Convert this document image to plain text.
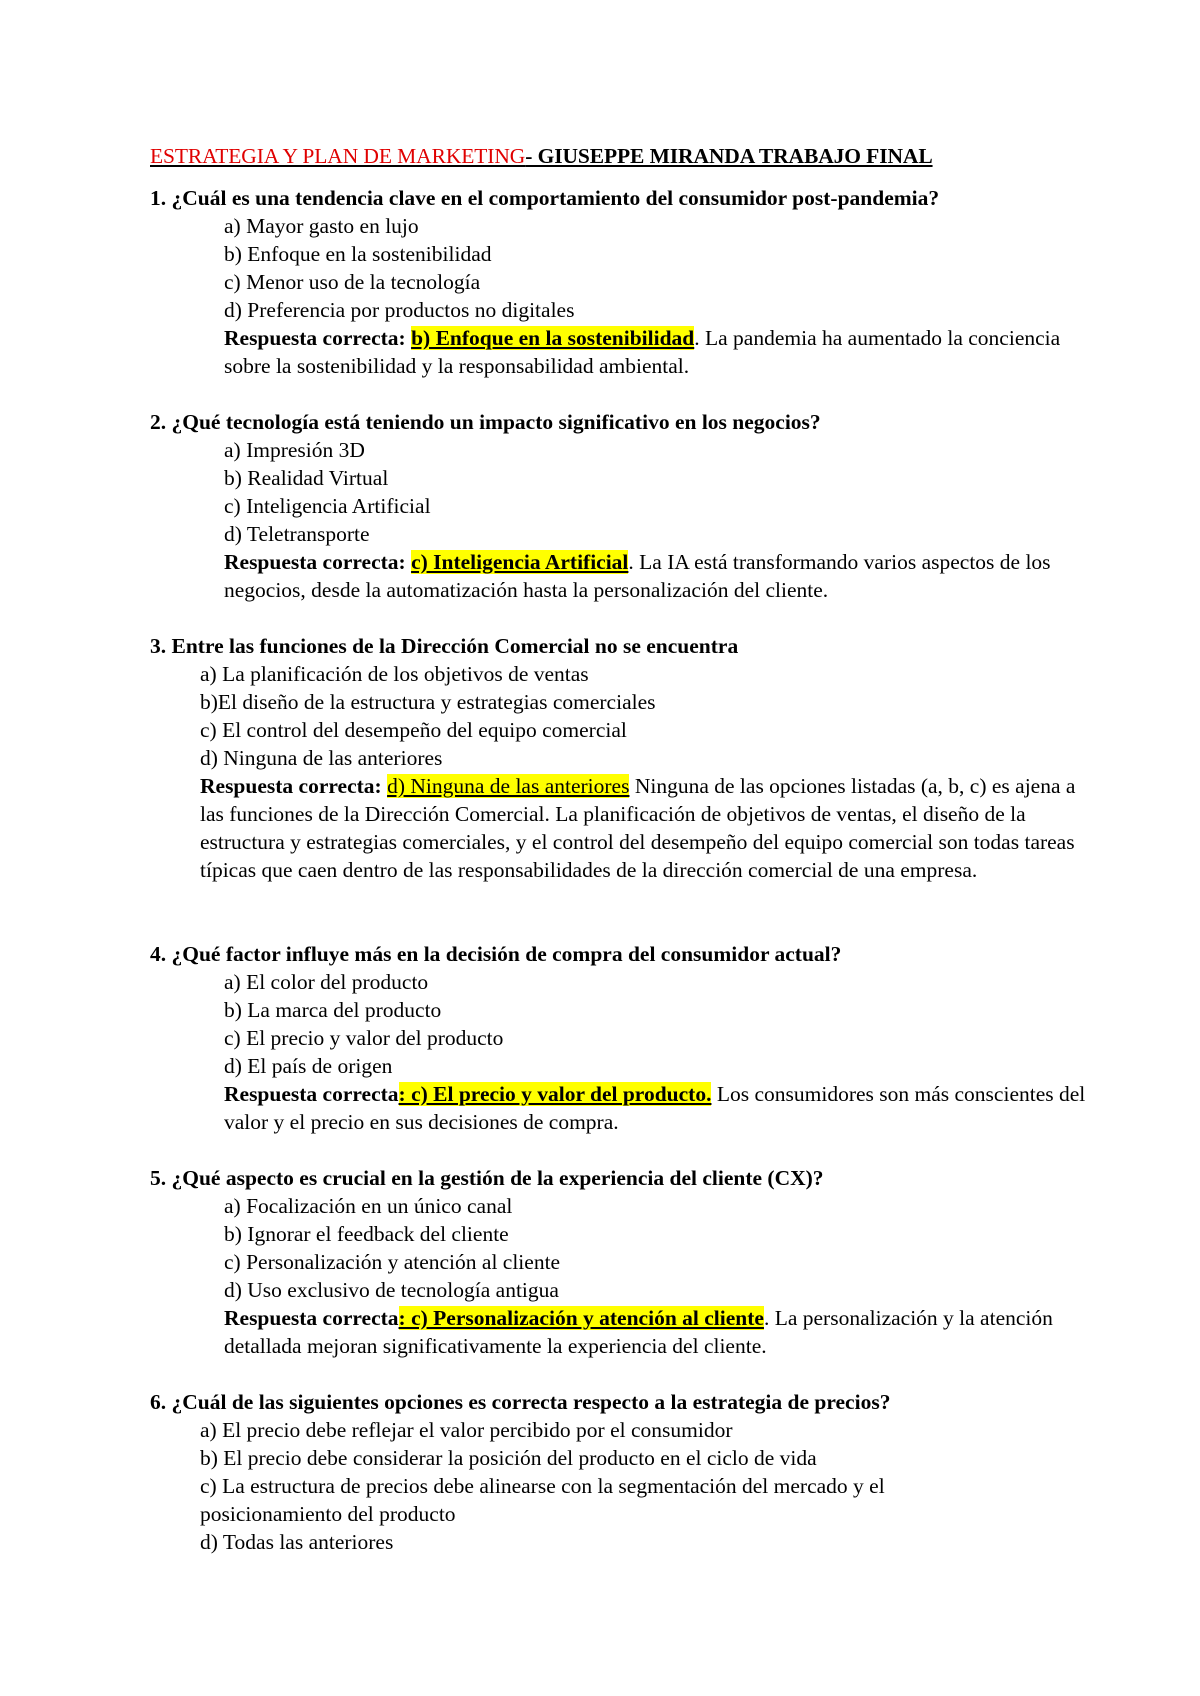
ESTRATEGIA Y PLAN DE MARKETING- GIUSEPPE MIRANDA TRABAJO FINAL
1. ¿Cuál es una tendencia clave en el comportamiento del consumidor post-pandemia?
a) Mayor gasto en lujo
b) Enfoque en la sostenibilidad
c) Menor uso de la tecnología
d) Preferencia por productos no digitales
Respuesta correcta: b) Enfoque en la sostenibilidad. La pandemia ha aumentado la conciencia sobre la sostenibilidad y la responsabilidad ambiental.
2. ¿Qué tecnología está teniendo un impacto significativo en los negocios?
a) Impresión 3D
b) Realidad Virtual
c) Inteligencia Artificial
d) Teletransporte
Respuesta correcta: c) Inteligencia Artificial. La IA está transformando varios aspectos de los negocios, desde la automatización hasta la personalización del cliente.
3. Entre las funciones de la Dirección Comercial no se encuentra
a) La planificación de los objetivos de ventas
b)El diseño de la estructura y estrategias comerciales
c) El control del desempeño del equipo comercial
d) Ninguna de las anteriores
Respuesta correcta: d) Ninguna de las anteriores Ninguna de las opciones listadas (a, b, c) es ajena a las funciones de la Dirección Comercial. La planificación de objetivos de ventas, el diseño de la estructura y estrategias comerciales, y el control del desempeño del equipo comercial son todas tareas típicas que caen dentro de las responsabilidades de la dirección comercial de una empresa.
4. ¿Qué factor influye más en la decisión de compra del consumidor actual?
a) El color del producto
b) La marca del producto
c) El precio y valor del producto
d) El país de origen
Respuesta correcta: c) El precio y valor del producto. Los consumidores son más conscientes del valor y el precio en sus decisiones de compra.
5. ¿Qué aspecto es crucial en la gestión de la experiencia del cliente (CX)?
a) Focalización en un único canal
b) Ignorar el feedback del cliente
c) Personalización y atención al cliente
d) Uso exclusivo de tecnología antigua
Respuesta correcta: c) Personalización y atención al cliente. La personalización y la atención detallada mejoran significativamente la experiencia del cliente.
6. ¿Cuál de las siguientes opciones es correcta respecto a la estrategia de precios?
a) El precio debe reflejar el valor percibido por el consumidor
b) El precio debe considerar la posición del producto en el ciclo de vida
c) La estructura de precios debe alinearse con la segmentación del mercado y el
posicionamiento del producto
d) Todas las anteriores
